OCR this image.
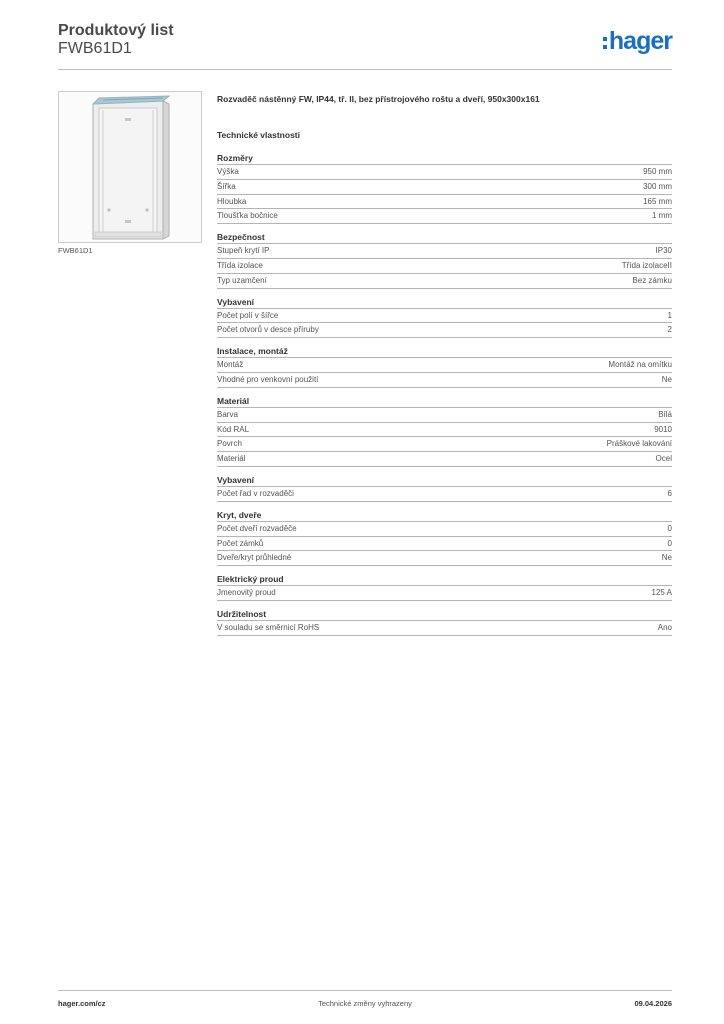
Produktový list
FWB61D1	hager
FWB61D1
Rozvaděč nástěnný FW, IP44, tř. II, bez přístrojového roštu a dveří, 950x300x161
Technické vlastnosti
Rozměry
Výška	950 mm
Šířka	300 mm
Hloubka	165 mm
Tloušťka bočnice	1 mm
Bezpečnost
Stupeň krytí IP	IP30
Třída izolace	Třída izolaceII
Typ uzamčení	Bez zámku
Vybavení
Počet polí v šířce	1
Počet otvorů v desce příruby	2
Instalace, montáž
Montáž	Montáž na omítku
Vhodné pro venkovní použití	Ne
Materiál
Barva	Bílá
Kód RAL	9010
Povrch	Práškové lakování
Materiál	Ocel
Vybavení
Počet řad v rozvaděči	6
Kryt, dveře
Počet dveří rozvaděče	0
Počet zámků	0
Dveře/kryt průhledné	Ne
Elektrický proud
Jmenovitý proud	125 A
Udržitelnost
V souladu se směrnicí RoHS	Ano
hager.com/cz	Technické změny vyhrazeny	09.04.2026
